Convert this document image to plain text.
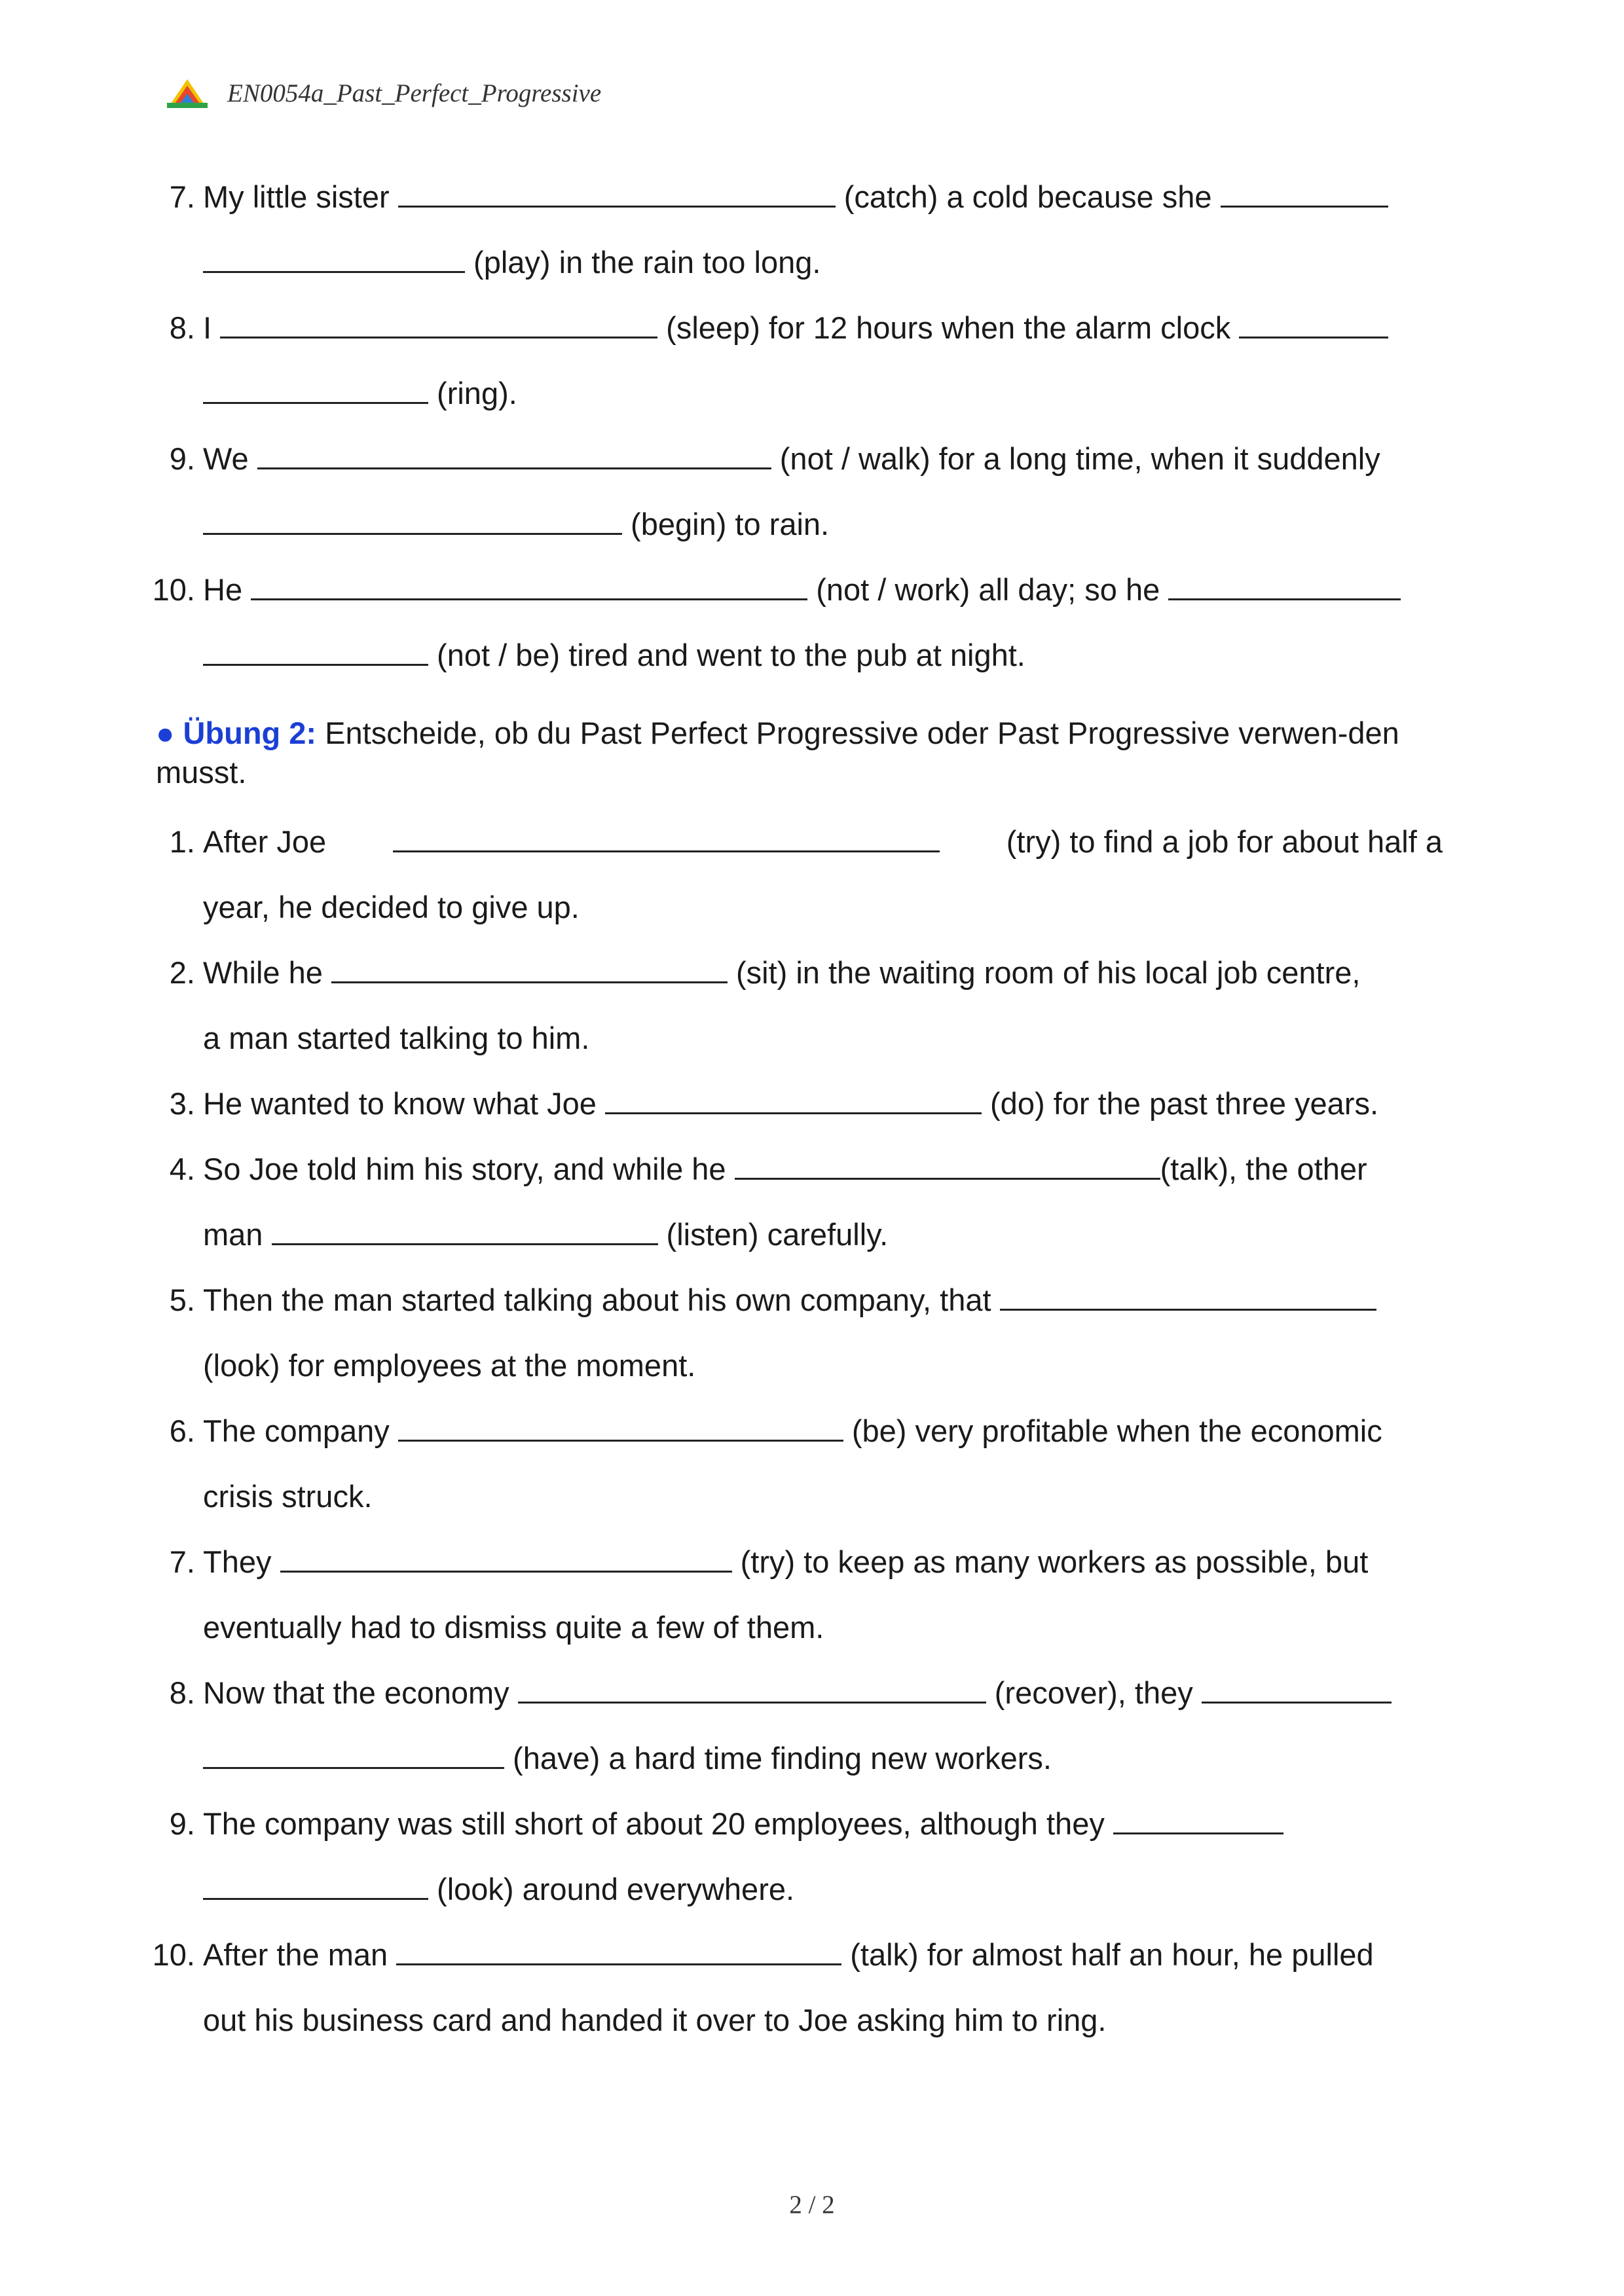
EN0054a_Past_Perfect_Progressive
7. My little sister	(catch) a cold because she
(play) in the rain too long.
8. I	(sleep) for 12 hours when the alarm clock
(ring).
9. We	(not / walk) for a long time, when it suddenly
(begin) to rain.
10. He	(not / work) all day; so he
(not / be) tired and went to the pub at night.
● Übung 2: Entscheide, ob du Past Perfect Progressive oder Past Progressive verwen-den musst.
1. After Joe	(try) to find a job for about half a
year, he decided to give up.
2. While he	(sit) in the waiting room of his local job centre,
a man started talking to him.
3. He wanted to know what Joe	(do) for the past three years.
4. So Joe told him his story, and while he	(talk), the other
man	(listen) carefully.
5. Then the man started talking about his own company, that
(look) for employees at the moment.
6. The company	(be) very profitable when the economic
crisis struck.
7. They	(try) to keep as many workers as possible, but
eventually had to dismiss quite a few of them.
8. Now that the economy	(recover), they
(have) a hard time finding new workers.
9. The company was still short of about 20 employees, although they
(look) around everywhere.
10. After the man	(talk) for almost half an hour, he pulled
out his business card and handed it over to Joe asking him to ring.
2 / 2
